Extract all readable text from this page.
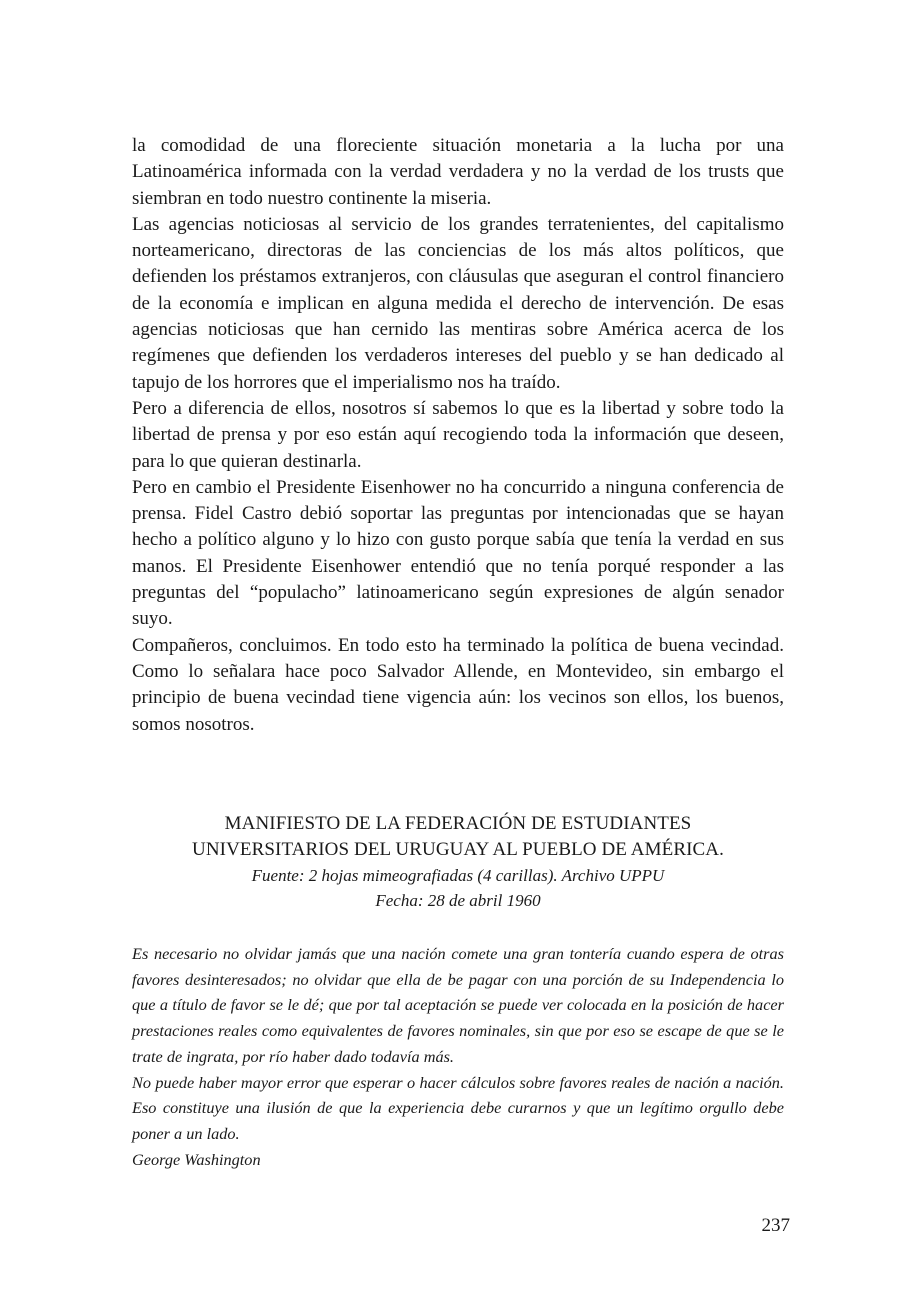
la comodidad de una floreciente situación monetaria a la lucha por una Latinoamérica informada con la verdad verdadera y no la verdad de los trusts que siembran en todo nuestro continente la miseria.

Las agencias noticiosas al servicio de los grandes terratenientes, del capitalismo norteamericano, directoras de las conciencias de los más altos políticos, que defienden los préstamos extranjeros, con cláusulas que aseguran el control financiero de la economía e implican en alguna medida el derecho de intervención. De esas agencias noticiosas que han cernido las mentiras sobre América acerca de los regímenes que defienden los verdaderos intereses del pueblo y se han dedicado al tapujo de los horrores que el imperialismo nos ha traído.

Pero a diferencia de ellos, nosotros sí sabemos lo que es la libertad y sobre todo la libertad de prensa y por eso están aquí recogiendo toda la información que deseen, para lo que quieran destinarla.

Pero en cambio el Presidente Eisenhower no ha concurrido a ninguna conferencia de prensa. Fidel Castro debió soportar las preguntas por intencionadas que se hayan hecho a político alguno y lo hizo con gusto porque sabía que tenía la verdad en sus manos. El Presidente Eisenhower entendió que no tenía porqué responder a las preguntas del “populacho” latinoamericano según expresiones de algún senador suyo.

Compañeros, concluimos. En todo esto ha terminado la política de buena vecindad. Como lo señalara hace poco Salvador Allende, en Montevideo, sin embargo el principio de buena vecindad tiene vigencia aún: los vecinos son ellos, los buenos, somos nosotros.

MANIFIESTO DE LA FEDERACIÓN DE ESTUDIANTES

UNIVERSITARIOS DEL URUGUAY AL PUEBLO DE AMÉRICA.

Fuente: 2 hojas mimeografiadas (4 carillas). Archivo UPPU

Fecha: 28 de abril 1960

Es necesario no olvidar jamás que una nación comete una gran tontería cuando espera de otras favores desinteresados; no olvidar que ella de be pagar con una porción de su Independencia lo que a título de favor se le dé; que por tal aceptación se puede ver colocada en la posición de hacer prestaciones reales como equivalentes de favores nominales, sin que por eso se escape de que se le trate de ingrata, por río haber dado todavía más.

No puede haber mayor error que esperar o hacer cálculos sobre favores reales de nación a nación. Eso constituye una ilusión de que la experiencia debe curarnos y que un legítimo orgullo debe poner a un lado.

George Washington

237
